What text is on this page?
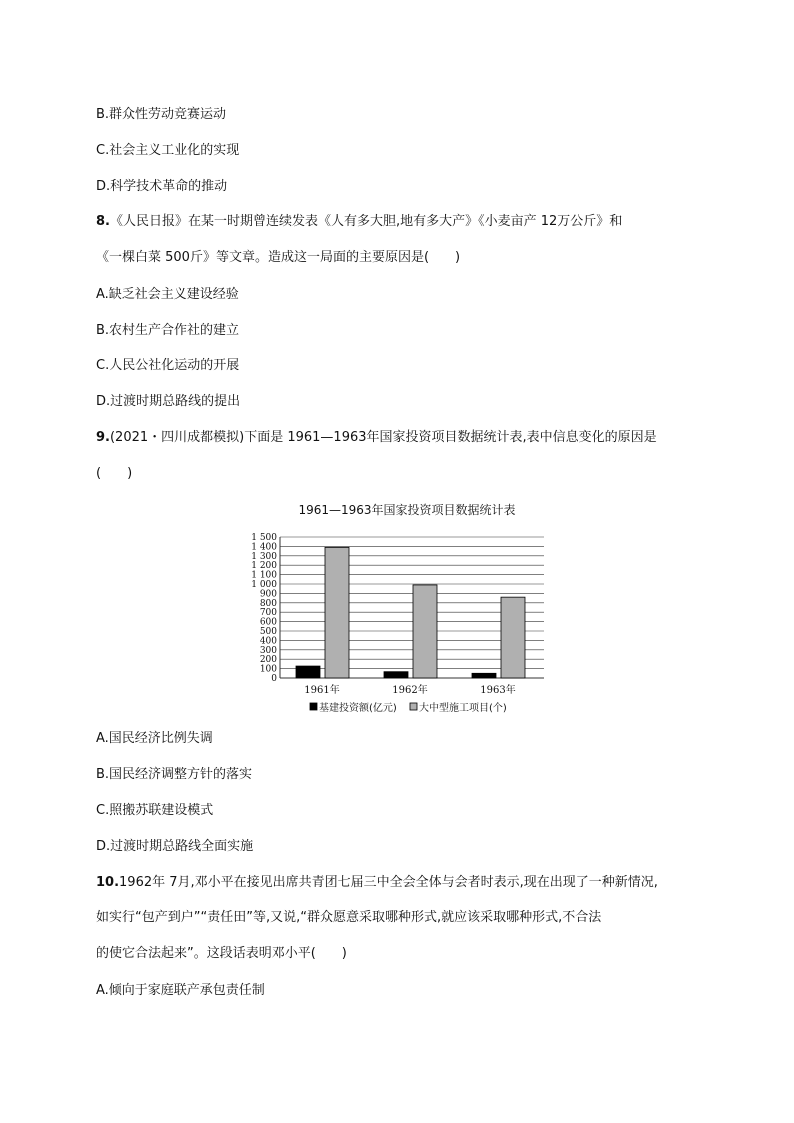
B.群众性劳动竞赛运动
C.社会主义工业化的实现
D.科学技术革命的推动
8.《人民日报》在某一时期曾连续发表《人有多大胆,地有多大产》《小麦亩产 12万公斤》和
《一棵白菜 500斤》等文章。造成这一局面的主要原因是(　　)
A.缺乏社会主义建设经验
B.农村生产合作社的建立
C.人民公社化运动的开展
D.过渡时期总路线的提出
9.(2021・四川成都模拟)下面是 1961—1963年国家投资项目数据统计表,表中信息变化的原因是
(　　)
A.国民经济比例失调
B.国民经济调整方针的落实
C.照搬苏联建设模式
D.过渡时期总路线全面实施
10.1962年 7月,邓小平在接见出席共青团七届三中全会全体与会者时表示,现在出现了一种新情况,
如实行“包产到户”“责任田”等,又说,“群众愿意采取哪种形式,就应该采取哪种形式,不合法
的使它合法起来”。这段话表明邓小平(　　)
A.倾向于家庭联产承包责任制
1961—1963年国家投资项目数据统计表
0
100
200
300
400
500
600
700
800
900
1 000
1 100
1 200
1 300
1 400
1 500
1961年	1962年	1963年
基建投资额(亿元) 大中型施工项目(个)
